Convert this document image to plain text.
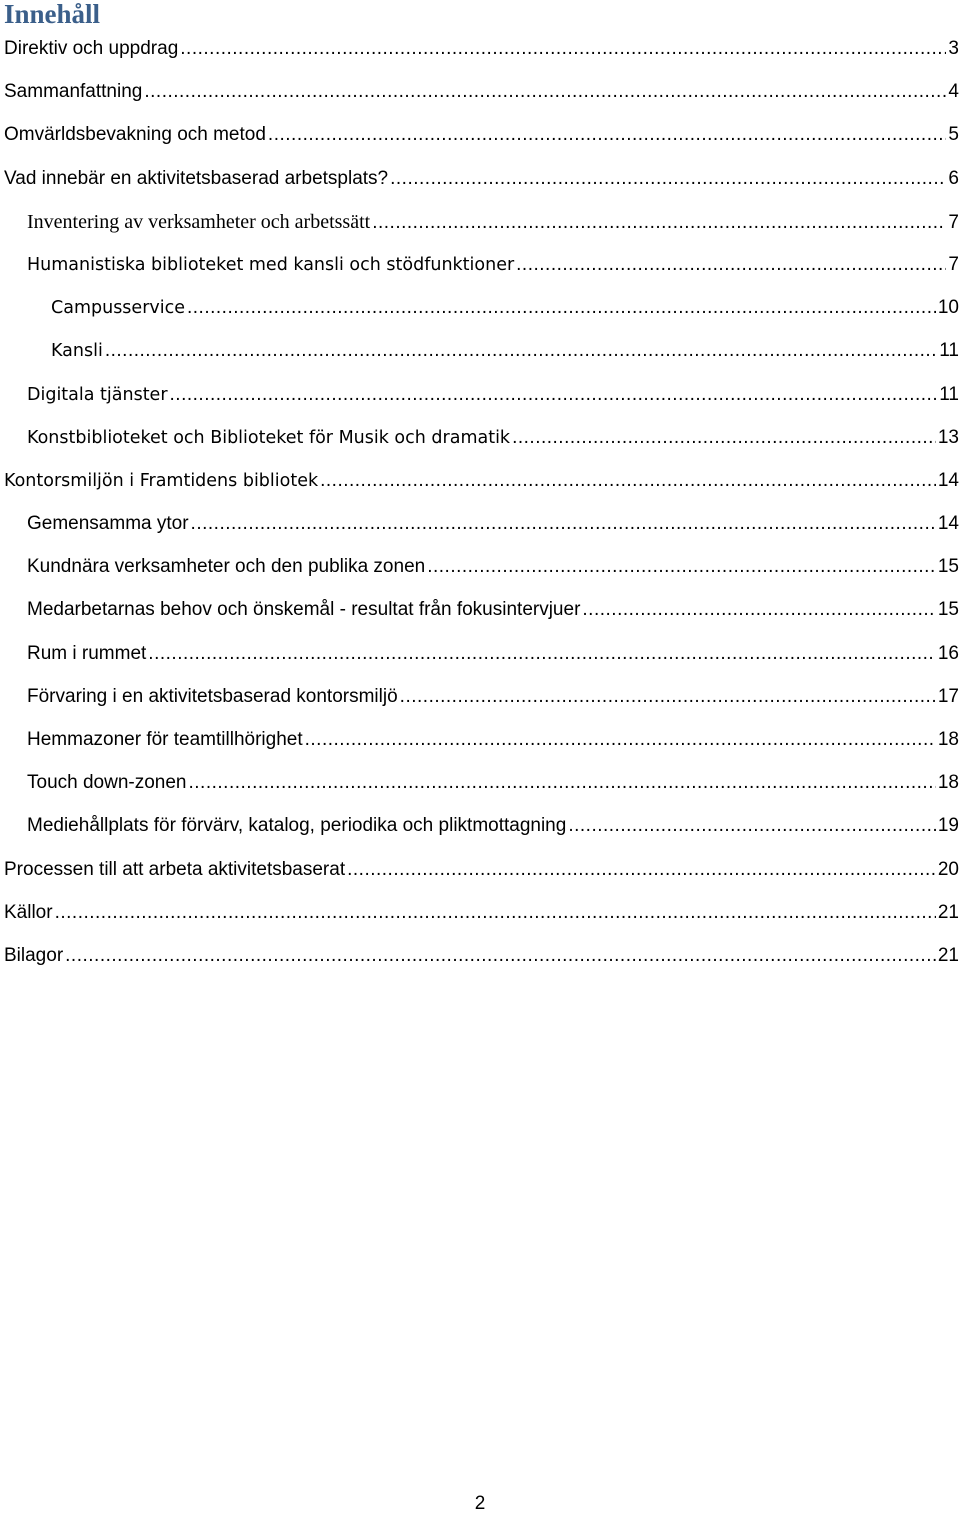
Innehåll
Direktiv och uppdrag .....	3
Sammanfattning .....	4
Omvärldsbevakning och metod .....	5
Vad innebär en aktivitetsbaserad arbetsplats? .....	6
Inventering av verksamheter och arbetssätt .....	7
Humanistiska biblioteket med kansli och stödfunktioner .....	7
Campusservice .....	10
Kansli .....	11
Digitala tjänster .....	11
Konstbiblioteket och Biblioteket för Musik och dramatik .....	13
Kontorsmiljön i Framtidens bibliotek .....	14
Gemensamma ytor .....	14
Kundnära verksamheter och den publika zonen .....	15
Medarbetarnas behov och önskemål - resultat från fokusintervjuer .....	15
Rum i rummet .....	16
Förvaring i en aktivitetsbaserad kontorsmiljö .....	17
Hemmazoner för teamtillhörighet .....	18
Touch down-zonen .....	18
Mediehållplats för förvärv, katalog, periodika och pliktmottagning .....	19
Processen till att arbeta aktivitetsbaserat .....	20
Källor .....	21
Bilagor .....	21
2
